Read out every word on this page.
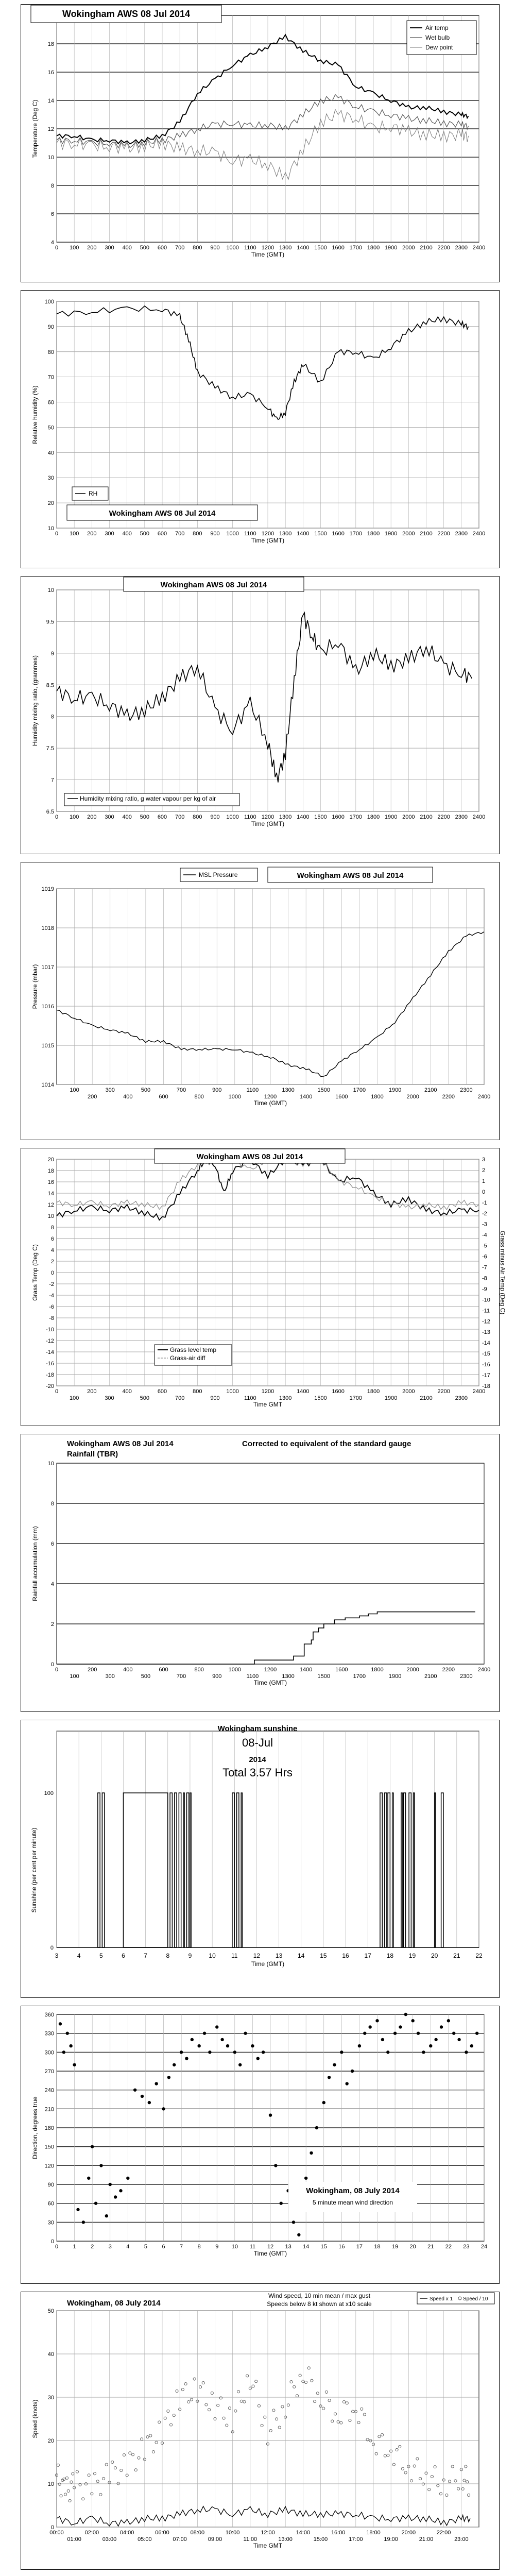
4
6
8
10
12
14
16
18
0 100 200 300 400 500 600 700 800 900 1000 1100 1200 1300 1400 1500 1600 1700 1800 1900 2000 2100 2200 2300 2400
Time (GMT)
Temperature (Deg C)
Wokingham AWS 08 Jul 2014
Air temp
Wet bulb
Dew point
10
20
30
40
50
60
70
80
90
100
0 100 200 300 400 500 600 700 800 900 1000 1100 1200 1300 1400 1500 1600 1700 1800 1900 2000 2100 2200 2300 2400
Time (GMT)
Relative humidity (%)
RH
Wokingham AWS 08 Jul 2014
6.5
7
7.5
8
8.5
9
9.5
10
0 100 200 300 400 500 600 700 800 900 1000 1100 1200 1300 1400 1500 1600 1700 1800 1900 2000 2100 2200 2300 2400
Time (GMT)
Humidity mixing ratio, (grammes)
Wokingham AWS 08 Jul 2014
Humidity mixing ratio, g water vapour per kg of air
1014
1015
1016
1017
1018
1019
100
200
300
400
500
600
700
800
900
1000
1100
1200
1300
1400
1500
1600
1700
1800
1900
2000
2100
2200
2300
2400
Time (GMT)
Pressure (mbar)
MSL Pressure	Wokingham AWS 08 Jul 2014
-20
-18
-16
-14
-12
-10
-8
-6
-4
-2
0
2
4
6
8
10
12
14
16
18
20
0
100
200
300
400
500
600
700
800
900
1000
1100
1200
1300
1400
1500
1600
1700
1800
1900
2000
2100
2200
2300
2400
Time GMT
Grass Temp (Deg C)
-18
-17
-16
-15
-14
-13
-12
-11
-10
-9
-8
-7
-6
-5
-4
-3
-2
-1
0
1
2
3
Grass minus Air Temp (Deg C)
Wokingham AWS 08 Jul 2014
Grass level temp
Grass-air diff
0
2
4
6
8
10
0
100
200
300
400
500
600
700
800
900
1000
1100
1200
1300
1400
1500
1600
1700
1800
1900
2000
2100
2200
2300
2400
Time (GMT)
Rainfall accumulation (mm)
Wokingham AWS 08 Jul 2014
Rainfall (TBR)
Corrected to equivalent of the standard gauge
3	4	5	6	7	8	9	10	11	12 13 14 15 16 17 18 19 20 21 22
0
100
Time (GMT)
Sunshine (per cent per minute)
Wokingham sunshine
08-Jul
2014
Total 3.57 Hrs
0
30
60
90
120
150
180
210
240
270
300
330
360
0	1	2	3	4	5	6	7	8	9 10 11 12 13 14 15 16 17 18 19 20 21 22 23 24
Time (GMT)
Direction, degrees true
Wokingham, 08 July 2014
5 minute mean wind direction
0
10
20
30
40
50
00:00
01:00
02:00
03:00
04:00
05:00
06:00
07:00
08:00
09:00
10:00
11:00
12:00
13:00
14:00
15:00
16:00
17:00
18:00
19:00
20:00
21:00
22:00
23:00
Time GMT
Speed (knots)
Wokingham, 08 July 2014
Wind speed, 10 min mean / max gust
Speeds below 8 kt shown at x10 scale
Speed x 1 Speed / 10
